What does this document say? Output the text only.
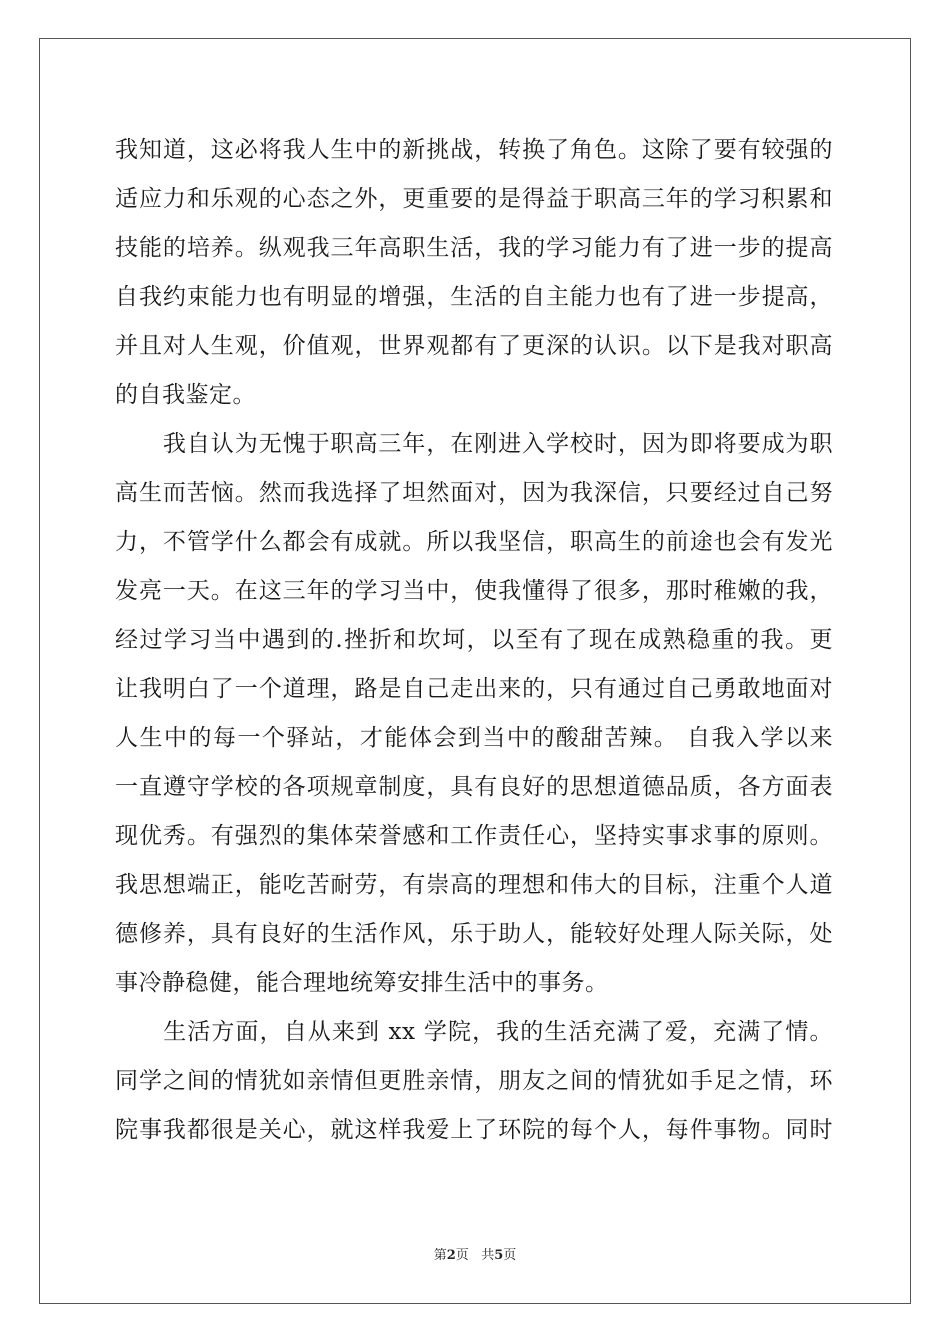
我知道，这必将我人生中的新挑战，转换了角色。这除了要有较强的
适应力和乐观的心态之外，更重要的是得益于职高三年的学习积累和
技能的培养。纵观我三年高职生活，我的学习能力有了进一步的提高
自我约束能力也有明显的增强，生活的自主能力也有了进一步提高，
并且对人生观，价值观，世界观都有了更深的认识。以下是我对职高
的自我鉴定。
　　我自认为无愧于职高三年，在刚进入学校时，因为即将要成为职
高生而苦恼。然而我选择了坦然面对，因为我深信，只要经过自己努
力，不管学什么都会有成就。所以我坚信，职高生的前途也会有发光
发亮一天。在这三年的学习当中，使我懂得了很多，那时稚嫩的我，
经过学习当中遇到的.挫折和坎坷，以至有了现在成熟稳重的我。更
让我明白了一个道理，路是自己走出来的，只有通过自己勇敢地面对
人生中的每一个驿站，才能体会到当中的酸甜苦辣。 自我入学以来
一直遵守学校的各项规章制度，具有良好的思想道德品质，各方面表
现优秀。有强烈的集体荣誉感和工作责任心，坚持实事求事的原则。
我思想端正，能吃苦耐劳，有崇高的理想和伟大的目标，注重个人道
德修养，具有良好的生活作风，乐于助人，能较好处理人际关际，处
事冷静稳健，能合理地统筹安排生活中的事务。
　　生活方面，自从来到 xx 学院，我的生活充满了爱，充满了情。
同学之间的情犹如亲情但更胜亲情，朋友之间的情犹如手足之情，环
院事我都很是关心，就这样我爱上了环院的每个人，每件事物。同时
第2页 共5页
